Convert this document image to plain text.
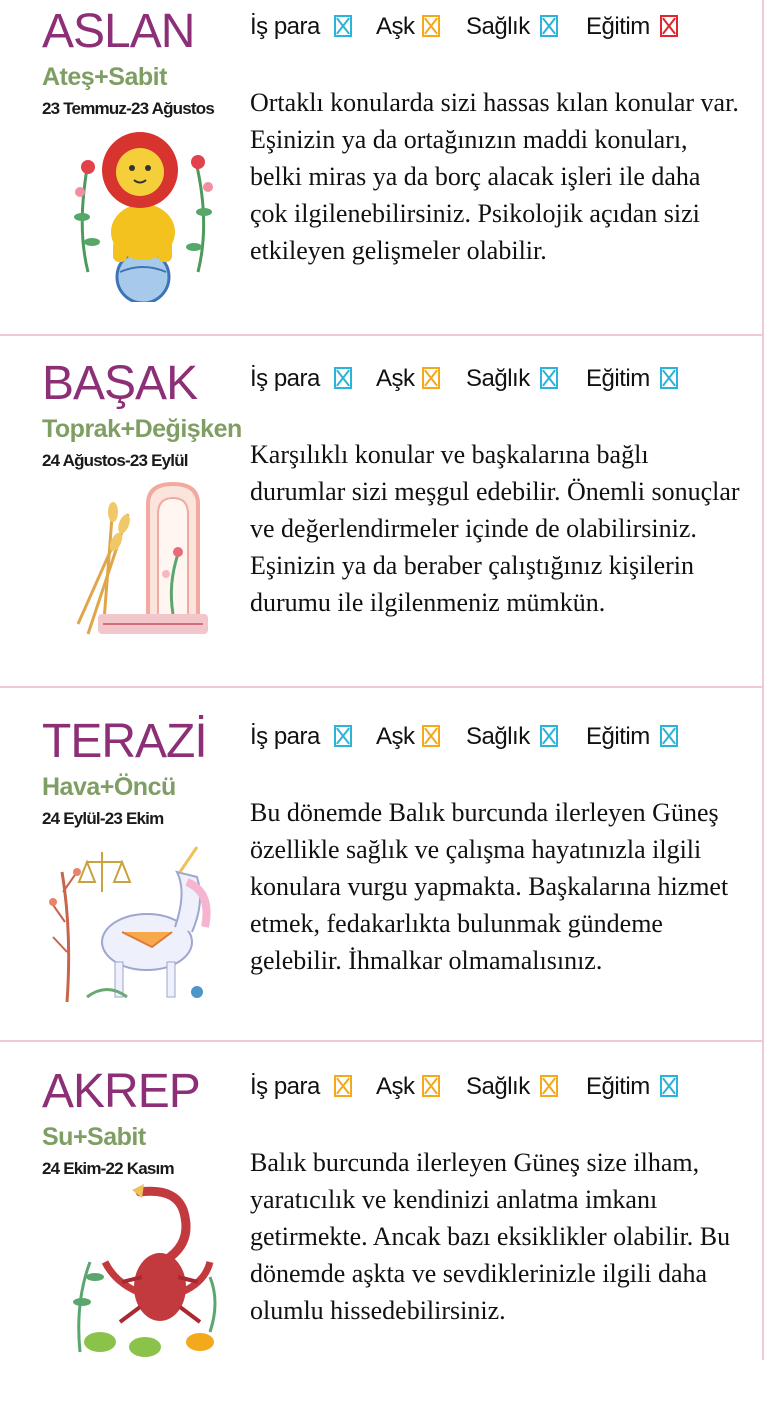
ASLAN
Ateş+Sabit
23 Temmuz-23 Ağustos
İş para Aşk Sağlık Eğitim

Ortaklı konularda sizi hassas kılan konular var. Eşinizin ya da ortağınızın maddi konuları, belki miras ya da borç alacak işleri ile daha çok ilgilenebilirsiniz. Psikolojik açıdan sizi etkileyen gelişmeler olabilir.

BAŞAK
Toprak+Değişken
24 Ağustos-23 Eylül
İş para Aşk Sağlık Eğitim

Karşılıklı konular ve başkalarına bağlı durumlar sizi meşgul edebilir. Önemli sonuçlar ve değerlendirmeler içinde de olabilirsiniz. Eşinizin ya da beraber çalıştığınız kişilerin durumu ile ilgilenmeniz mümkün.

TERAZİ
Hava+Öncü
24 Eylül-23 Ekim
İş para Aşk Sağlık Eğitim

Bu dönemde Balık burcunda ilerleyen Güneş özellikle sağlık ve çalışma hayatınızla ilgili konulara vurgu yapmakta. Başkalarına hizmet etmek, fedakarlıkta bulunmak gündeme gelebilir. İhmalkar olmamalısınız.

AKREP
Su+Sabit
24 Ekim-22 Kasım
İş para Aşk Sağlık Eğitim

Balık burcunda ilerleyen Güneş size ilham, yaratıcılık ve kendinizi anlatma imkanı getirmekte. Ancak bazı eksiklikler olabilir. Bu dönemde aşkta ve sevdiklerinizle ilgili daha olumlu hissedebilirsiniz.
